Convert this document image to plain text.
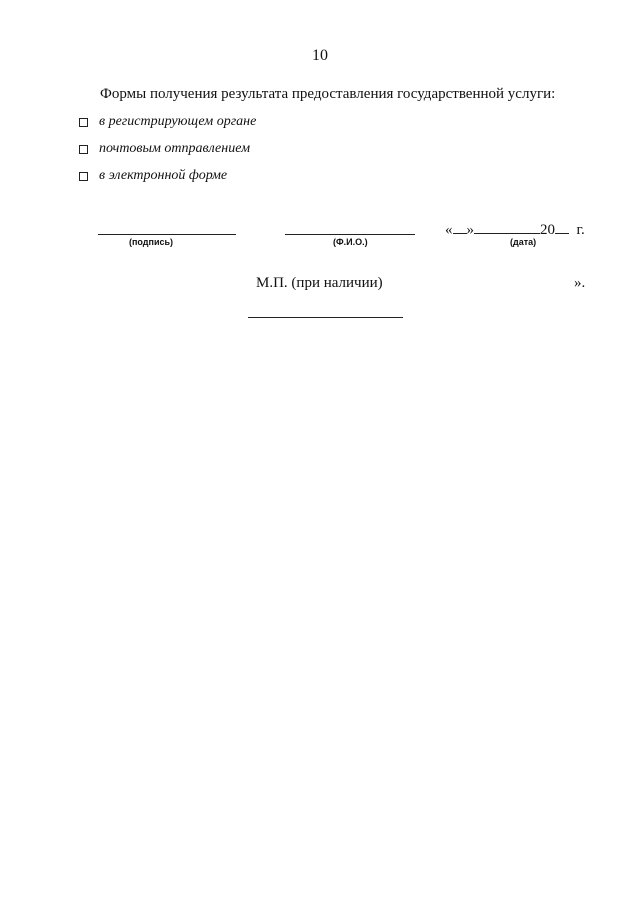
10
Формы получения результата предоставления государственной услуги:
в регистрирующем органе
почтовым отправлением
в электронной форме
(подпись)	(Ф.И.О.)
« »	20 г.
(дата)
М.П. (при наличии)	».
